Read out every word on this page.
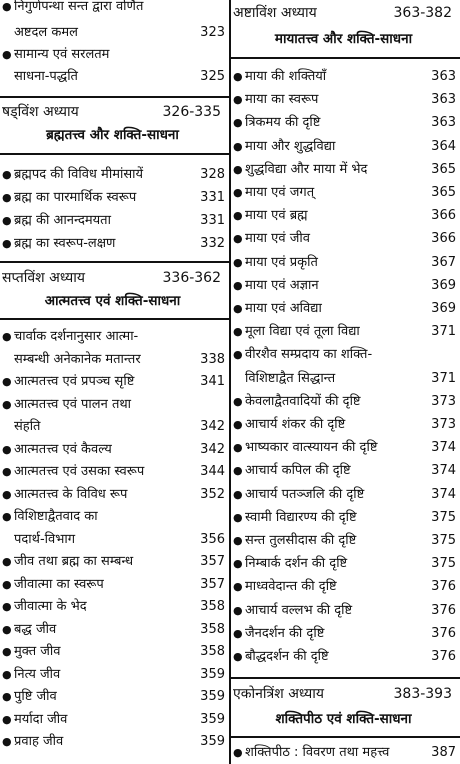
● निगुर्णपन्था सन्त द्वारा वर्णित
अष्टदल कमल	323
● सामान्य एवं सरलतम
साधना-पद्धति	325
षड्विंश अध्याय	326-335
ब्रह्मतत्त्व और शक्ति-साधना
● ब्रह्मपद की विविध मीमांसायें	328
● ब्रह्म का पारमार्थिक स्वरूप	331
● ब्रह्म की आनन्दमयता	331
● ब्रह्म का स्वरूप-लक्षण	332
सप्तविंश अध्याय	336-362
आत्मतत्त्व एवं शक्ति-साधना
● चार्वाक दर्शनानुसार आत्मा-
सम्बन्धी अनेकानेक मतान्तर	338
● आत्मतत्त्व एवं प्रपञ्च सृष्टि	341
● आत्मतत्त्व एवं पालन तथा
संहति	342
● आत्मतत्त्व एवं कैवल्य	342
● आत्मतत्त्व एवं उसका स्वरूप	344
● आत्मतत्त्व के विविध रूप	352
● विशिष्टाद्वैतवाद का
पदार्थ-विभाग	356
● जीव तथा ब्रह्म का सम्बन्ध	357
● जीवात्मा का स्वरूप	357
● जीवात्मा के भेद	358
● बद्ध जीव	358
● मुक्त जीव	358
● नित्य जीव	359
● पुष्टि जीव	359
● मर्यादा जीव	359
● प्रवाह जीव	359
अष्टाविंश अध्याय	363-382
मायातत्त्व और शक्ति-साधना
● माया की शक्तियाँ	363
● माया का स्वरूप	363
● त्रिकमय की दृष्टि	363
● माया और शुद्धविद्या	364
● शुद्धविद्या और माया में भेद	365
● माया एवं जगत्	365
● माया एवं ब्रह्म	366
● माया एवं जीव	366
● माया एवं प्रकृति	367
● माया एवं अज्ञान	369
● माया एवं अविद्या	369
● मूला विद्या एवं तूला विद्या	371
● वीरशैव सम्प्रदाय का शक्ति-
विशिष्टाद्वैत सिद्धान्त	371
● केवलाद्वैतवादियों की दृष्टि	373
● आचार्य शंकर की दृष्टि	373
● भाष्यकार वात्स्यायन की दृष्टि	374
● आचार्य कपिल की दृष्टि	374
● आचार्य पतञ्जलि की दृष्टि	374
● स्वामी विद्यारण्य की दृष्टि	375
● सन्त तुलसीदास की दृष्टि	375
● निम्बार्क दर्शन की दृष्टि	375
● माध्ववेदान्त की दृष्टि	376
● आचार्य वल्लभ की दृष्टि	376
● जैनदर्शन की दृष्टि	376
● बौद्धदर्शन की दृष्टि	376
एकोनत्रिंश अध्याय	383-393
शक्तिपीठ एवं शक्ति-साधना
● शक्तिपीठ : विवरण तथा महत्त्व	387
